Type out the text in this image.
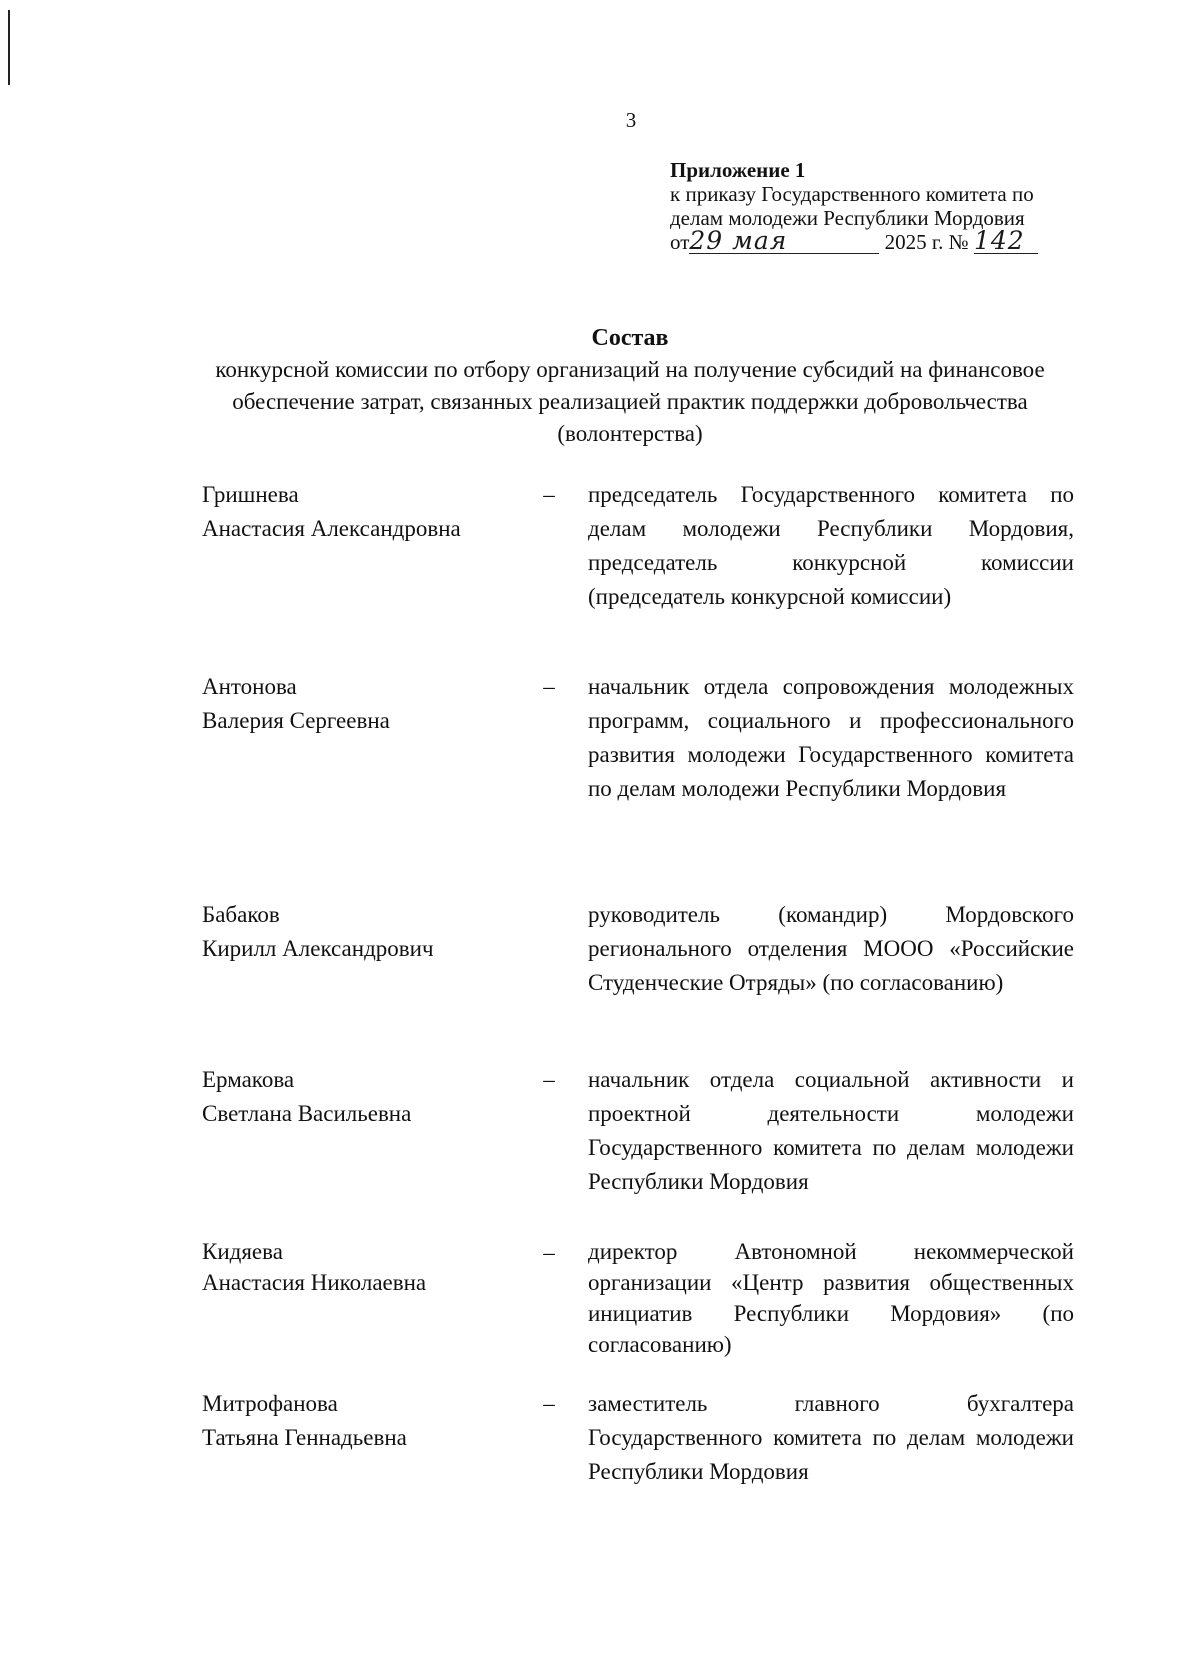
3
Приложение 1
к приказу Государственного комитета по
делам молодежи Республики Мордовия
от29 мая	2025 г. № 142
Состав
конкурсной комиссии по отбору организаций на получение субсидий на финансовое обеспечение затрат, связанных реализацией практик поддержки добровольчества (волонтерства)
Гришнева
Анастасия Александровна
–	председатель Государственного комитета по делам молодежи Республики Мордовия, председатель конкурсной комиссии (председатель конкурсной комиссии)
Антонова
Валерия Сергеевна
–	начальник отдела сопровождения молодежных программ, социального и профессионального развития молодежи Государственного комитета по делам молодежи Республики Мордовия
Бабаков
Кирилл Александрович
руководитель (командир) Мордовского регионального отделения МООО «Российские Студенческие Отряды» (по согласованию)
Ермакова
Светлана Васильевна
–	начальник отдела социальной активности и проектной деятельности молодежи Государственного комитета по делам молодежи Республики Мордовия
Кидяева
Анастасия Николаевна
–	директор Автономной некоммерческой организации «Центр развития общественных инициатив Республики Мордовия» (по согласованию)
Митрофанова
Татьяна Геннадьевна
–	заместитель главного бухгалтера Государственного комитета по делам молодежи Республики Мордовия
